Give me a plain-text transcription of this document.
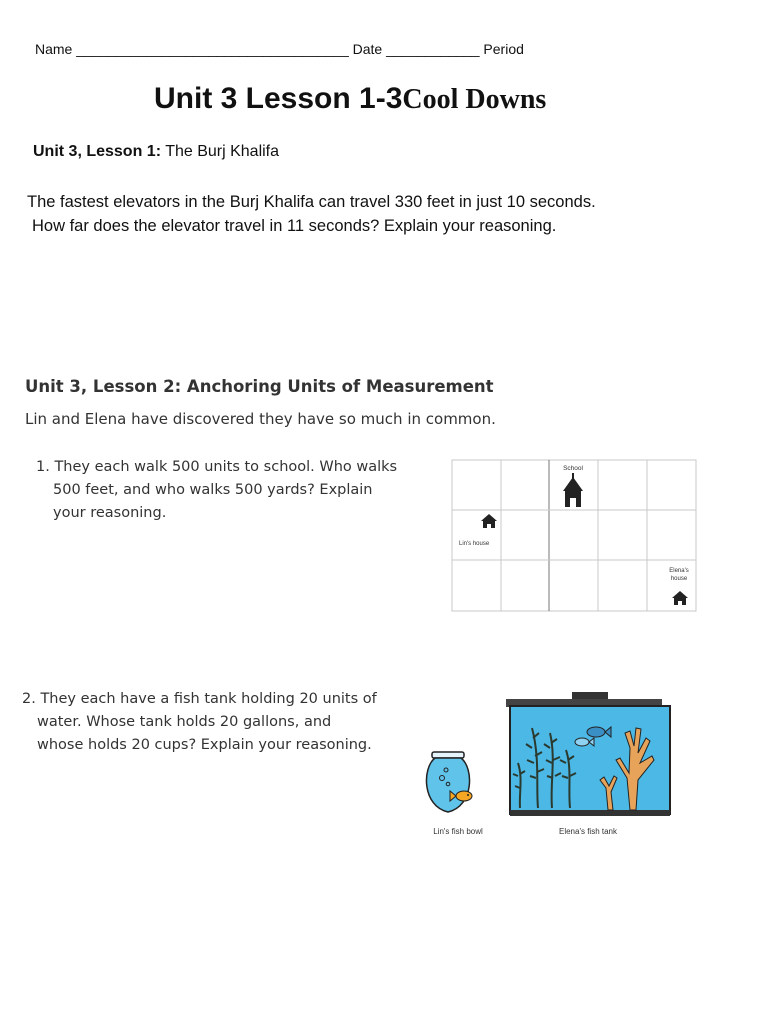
Name ___________________________________ Date ____________ Period
Unit 3 Lesson 1-3Cool Downs
Unit 3, Lesson 1: The Burj Khalifa
The fastest elevators in the Burj Khalifa can travel 330 feet in just 10 seconds.
How far does the elevator travel in 11 seconds? Explain your reasoning.
Unit 3, Lesson 2: Anchoring Units of Measurement
Lin and Elena have discovered they have so much in common.
1. They each walk 500 units to school. Who walks
500 feet, and who walks 500 yards? Explain
your reasoning.
School
Lin's house
Elena's
house
2. They each have a fish tank holding 20 units of
water. Whose tank holds 20 gallons, and
whose holds 20 cups? Explain your reasoning.
Lin's fish bowl	Elena's fish tank
